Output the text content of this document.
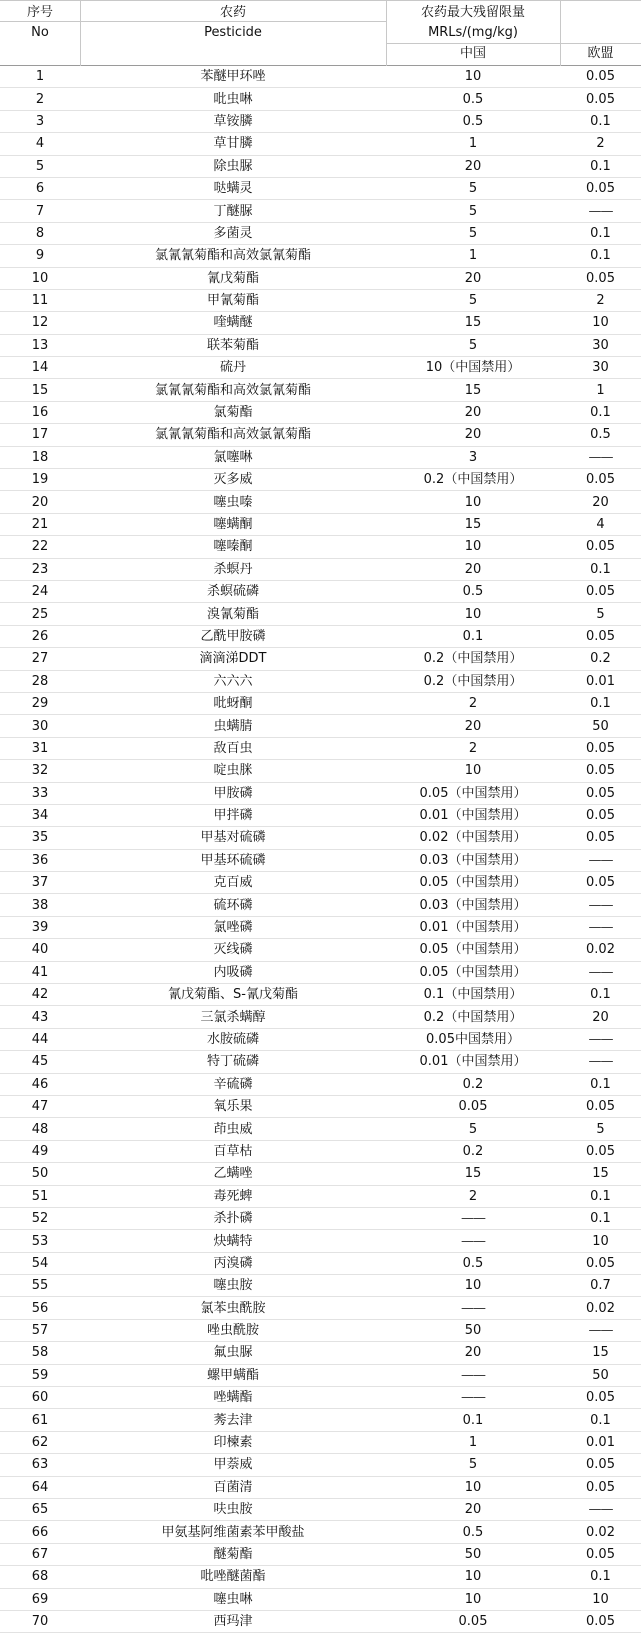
序号
No
农药
Pesticide
农药最大残留限量
MRLs/(mg/kg)
中国	欧盟
1	苯醚甲环唑	10	0.05
2	吡虫啉	0.5	0.05
3	草铵膦	0.5	0.1
4	草甘膦	1	2
5	除虫脲	20	0.1
6	哒螨灵	5	0.05
7	丁醚脲	5	——
8	多菌灵	5	0.1
9	氯氰氰菊酯和高效氯氰菊酯	1	0.1
10	氰戊菊酯	20	0.05
11	甲氰菊酯	5	2
12	喹螨醚	15	10
13	联苯菊酯	5	30
14	硫丹	10（中国禁用）	30
15	氯氰氰菊酯和高效氯氰菊酯	15	1
16	氯菊酯	20	0.1
17	氯氰氰菊酯和高效氯氰菊酯	20	0.5
18	氯噻啉	3	——
19	灭多威	0.2（中国禁用）	0.05
20	噻虫嗪	10	20
21	噻螨酮	15	4
22	噻嗪酮	10	0.05
23	杀螟丹	20	0.1
24	杀螟硫磷	0.5	0.05
25	溴氰菊酯	10	5
26	乙酰甲胺磷	0.1	0.05
27	滴滴涕DDT	0.2（中国禁用）	0.2
28	六六六	0.2（中国禁用）	0.01
29	吡蚜酮	2	0.1
30	虫螨腈	20	50
31	敌百虫	2	0.05
32	啶虫脒	10	0.05
33	甲胺磷	0.05（中国禁用）	0.05
34	甲拌磷	0.01（中国禁用）	0.05
35	甲基对硫磷	0.02（中国禁用）	0.05
36	甲基环硫磷	0.03（中国禁用）	——
37	克百威	0.05（中国禁用）	0.05
38	硫环磷	0.03（中国禁用）	——
39	氯唑磷	0.01（中国禁用）	——
40	灭线磷	0.05（中国禁用）	0.02
41	内吸磷	0.05（中国禁用）	——
42	氰戊菊酯、S-氰戊菊酯	0.1（中国禁用）	0.1
43	三氯杀螨醇	0.2（中国禁用）	20
44	水胺硫磷	0.05中国禁用）	——
45	特丁硫磷	0.01（中国禁用）	——
46	辛硫磷	0.2	0.1
47	氧乐果	0.05	0.05
48	茚虫威	5	5
49	百草枯	0.2	0.05
50	乙螨唑	15	15
51	毒死蜱	2	0.1
52	杀扑磷	——	0.1
53	炔螨特	——	10
54	丙溴磷	0.5	0.05
55	噻虫胺	10	0.7
56	氯苯虫酰胺	——	0.02
57	唑虫酰胺	50	——
58	氟虫脲	20	15
59	螺甲螨酯	——	50
60	唑螨酯	——	0.05
61	莠去津	0.1	0.1
62	印楝素	1	0.01
63	甲萘威	5	0.05
64	百菌清	10	0.05
65	呋虫胺	20	——
66	甲氨基阿维菌素苯甲酸盐	0.5	0.02
67	醚菊酯	50	0.05
68	吡唑醚菌酯	10	0.1
69	噻虫啉	10	10
70	西玛津	0.05	0.05
